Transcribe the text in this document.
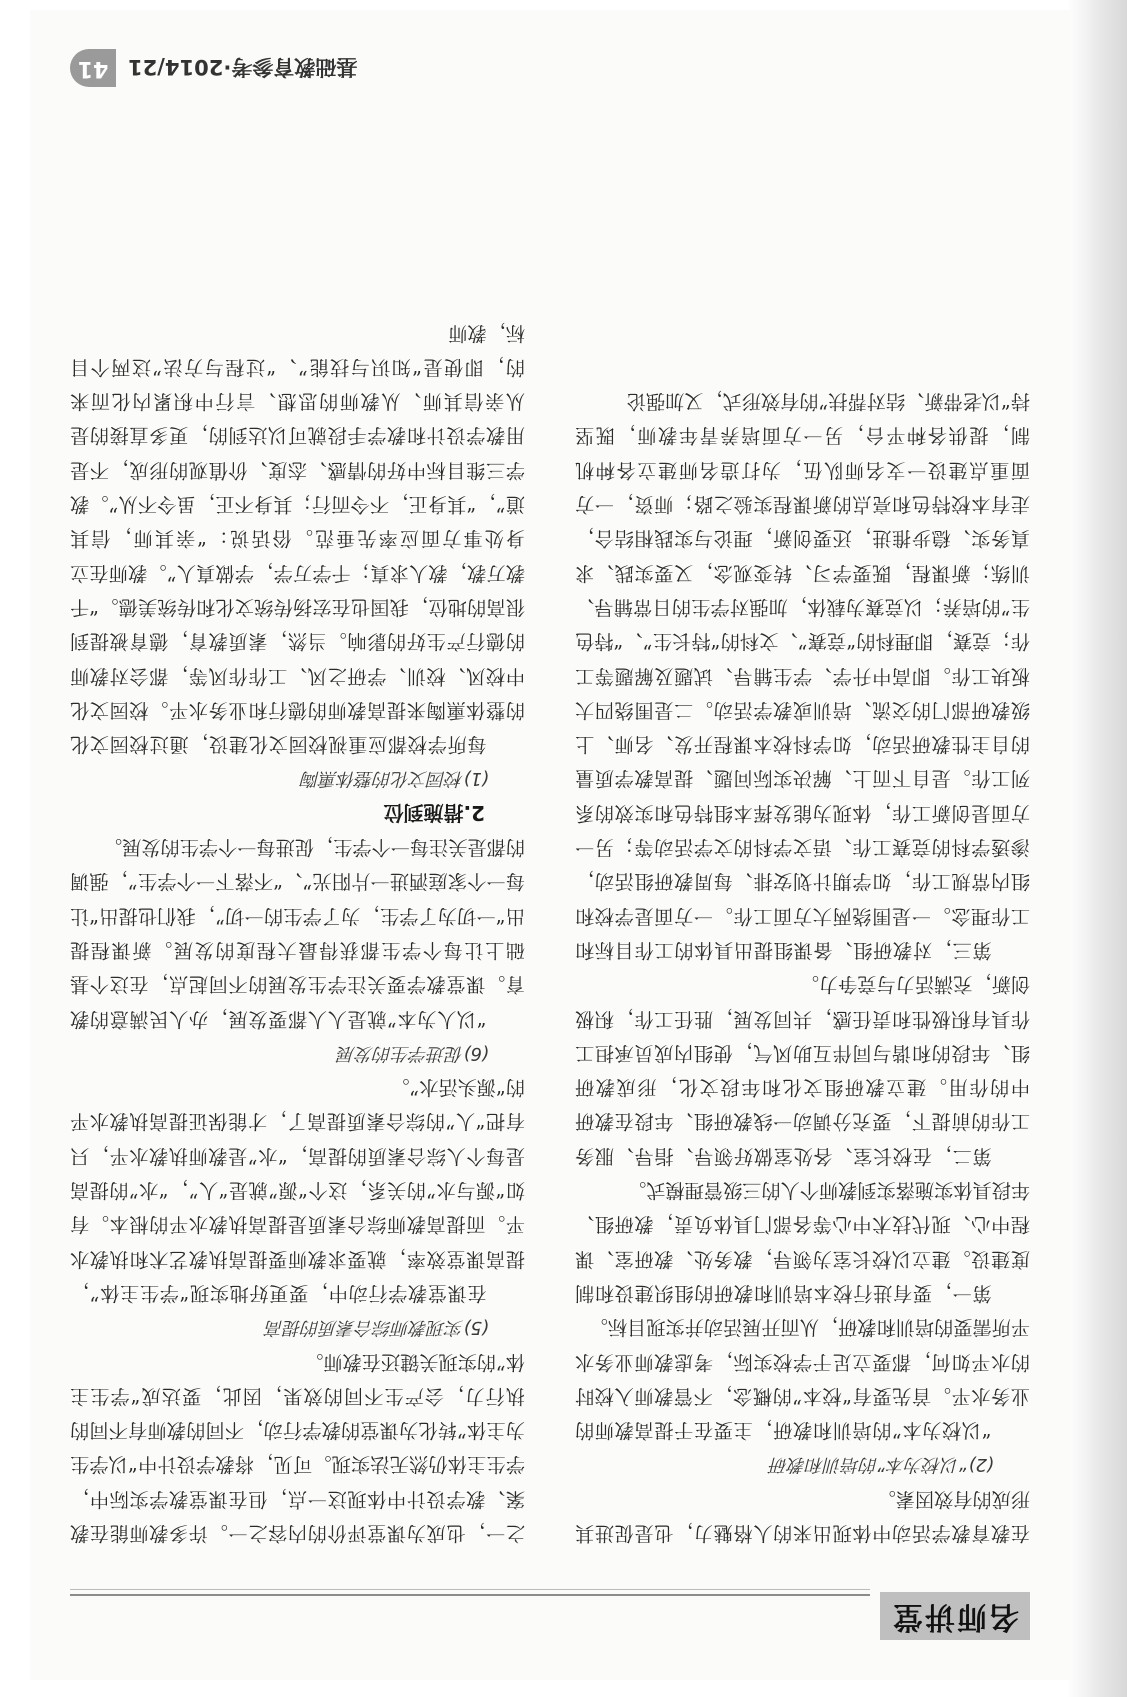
名师讲堂

在教育教学活动中体现出来的人格魅力，也是促进其形成的有效因素。

(2)“以校为本”的培训和教研

“以校为本”的培训和教研，主要在于提高教师的业务水平。首先要有“校本”的概念，不管教师入校时的水平如何，都要立足于学校实际，考虑教师业务水平所需要的培训和教研，从而开展活动并实现目标。

第一，要有进行校本培训和教研的组织建设和制度建设。建立以校长室为领导，教务处、教研室、课程中心、现代技术中心等各部门具体负责，教研组、年段具体实施落实到教师个人的三级管理模式。

第二，在校长室、各处室做好领导、指导、服务工作的前提下，要充分调动一线教研组、年段在教研中的作用。建立教研组文化和年段文化，形成教研组、年段的和谐与同伴互助风气，使组内成员承担工作具有积极性和责任感，共同发展，胜任工作，积极创新，充满活力与竞争力。

第三，对教研组、备课组提出具体的工作目标和工作理念。一是围绕两大方面工作。一方面是学校和组内常规工作，如学期计划安排、每周教研组活动，渗透学科的竞赛工作、语文学科的文学活动等；另一方面是创新工作，体现为能发挥本组特色和实效的系列工作。是自下而上、解决实际问题、提高教学质量的自主性教研活动，如学科校本课程开发、名师、上级教研部门的交流、培训或教学活动。二是围绕四大板块工作。即高中升学、学生辅导、试题及解题等工作；竞赛，即理科的“竞赛”、文科的“特长生”、“特色生”的培养；以竞赛为载体，加强对学生的日常辅导、训练；新课程，既要学习、转变观念，又要实践、求真务实、稳步推进，还要创新，理论与实践相结合，走有本校特色和亮点的新课程实验之路；师资，一方面重点建设一支名师队伍，为打造名师建立各种机制，提供各种平台，另一方面培养青年教师，既坚持“以老带新、结对帮扶”的有效形式，又加强论

之一，也成为课堂评价的内容之一。许多教师能在教案、教学设计中体现这一点，但在课堂教学实际中，学生主体仍然无法实现。可见，将教学设计中“以学生为主体”转化为课堂的教学行动，不同的教师有不同的执行力，会产生不同的效果，因此，要达成“学生主体”的实现关键还在教师。

(5)实现教师综合素质的提高

在课堂教学行动中，要更好地实现“学生主体”，提高课堂效率，就要求教师要提高执教艺术和执教水平。而提高教师综合素质是提高执教水平的根本。有如“源与水”的关系，这个“源”就是“人”，“水”的提高是每个人综合素质的提高，“水”是教师执教水平，只有把“人”的综合素质提高了，才能保证提高执教水平的“源头活水”。

(6)促进学生的发展

“以人为本”就是人人都要发展，办人民满意的教育。课堂教学要关注学生发展的不同起点，在这个基础上让每个学生都获得最大程度的发展。新课程提出“一切为了学生，为了学生的一切”，我们也提出“让每一个家庭洒进一片阳光”、“不落下一个学生”，强调的都是关注每一个学生，促进每一个学生的发展。

2.措施到位

(1)校园文化的整体熏陶

每所学校都应重视校园文化建设，通过校园文化的整体熏陶来提高教师的德行和业务水平。校园文化中校风、校训、学研之风、工作作风等，都会对教师的德行产生好的影响。当然，素质教育，德育被提到很高的地位，我国也在宏扬传统文化和传统美德。“千教万教，教人求真；千学万学，学做真人”。教师在立身处事方面应率先垂范。俗话说：“亲其师，信其道”，“其身正，不令而行；其身不正，虽令不从”。教学三维目标中好的情感、态度、价值观的形成，不是用教学设计和教学手段就可以达到的，更多直接的是从亲信其师、从教师的思想、言行中积累内化而来的，即使是“知识与技能”、“过程与方法”这两个目标，教师

基础教育参考·2014/21
41
